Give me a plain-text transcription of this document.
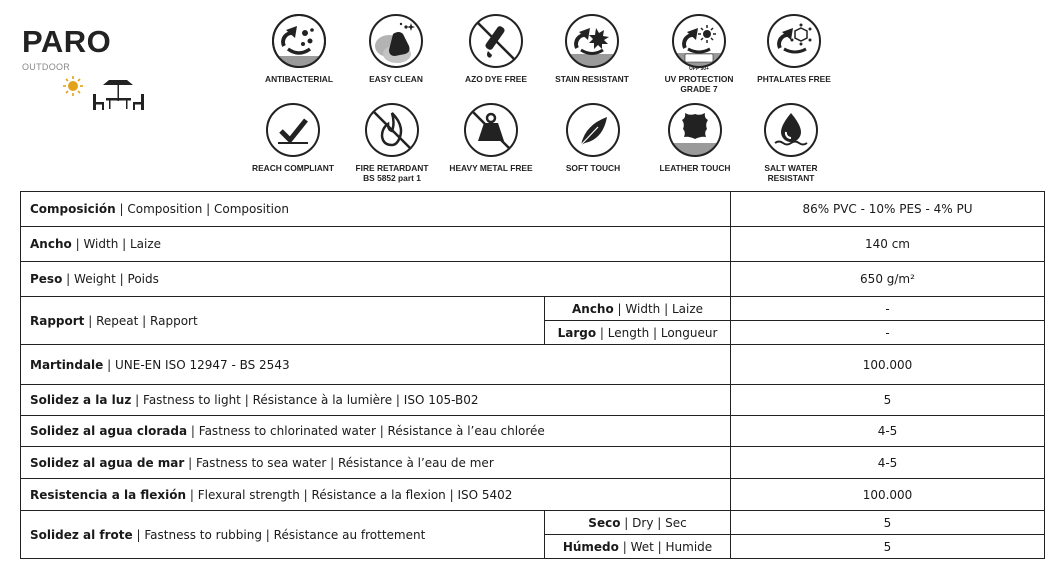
PARO
OUTDOOR
ANTIBACTERIAL	EASY CLEAN	AZO DYE FREE	STAIN RESISTANT
UPF 50+
UV PROTECTION
GRADE 7
PHTALATES FREE
REACH COMPLIANT	FIRE RETARDANT
BS 5852 part 1
HEAVY METAL FREE	SOFT TOUCH	LEATHER TOUCH	SALT WATER
RESISTANT
Composición | Composition | Composition		86% PVC - 10% PES - 4% PU
Ancho | Width | Laize		140 cm
Peso | Weight | Poids		650 g/m²
Rapport | Repeat | Rapport	Ancho | Width | Laize	-
	Largo | Length | Longueur	-
Martindale | UNE-EN ISO 12947 - BS 2543		100.000
Solidez a la luz | Fastness to light | Résistance à la lumière | ISO 105-B02		5
Solidez al agua clorada | Fastness to chlorinated water | Résistance à l’eau chlorée		4-5
Solidez al agua de mar | Fastness to sea water | Résistance à l’eau de mer		4-5
Resistencia a la flexión | Flexural strength | Résistance a la flexion | ISO 5402		100.000
Solidez al frote | Fastness to rubbing | Résistance au frottement	Seco | Dry | Sec	5
	Húmedo | Wet | Humide	5
